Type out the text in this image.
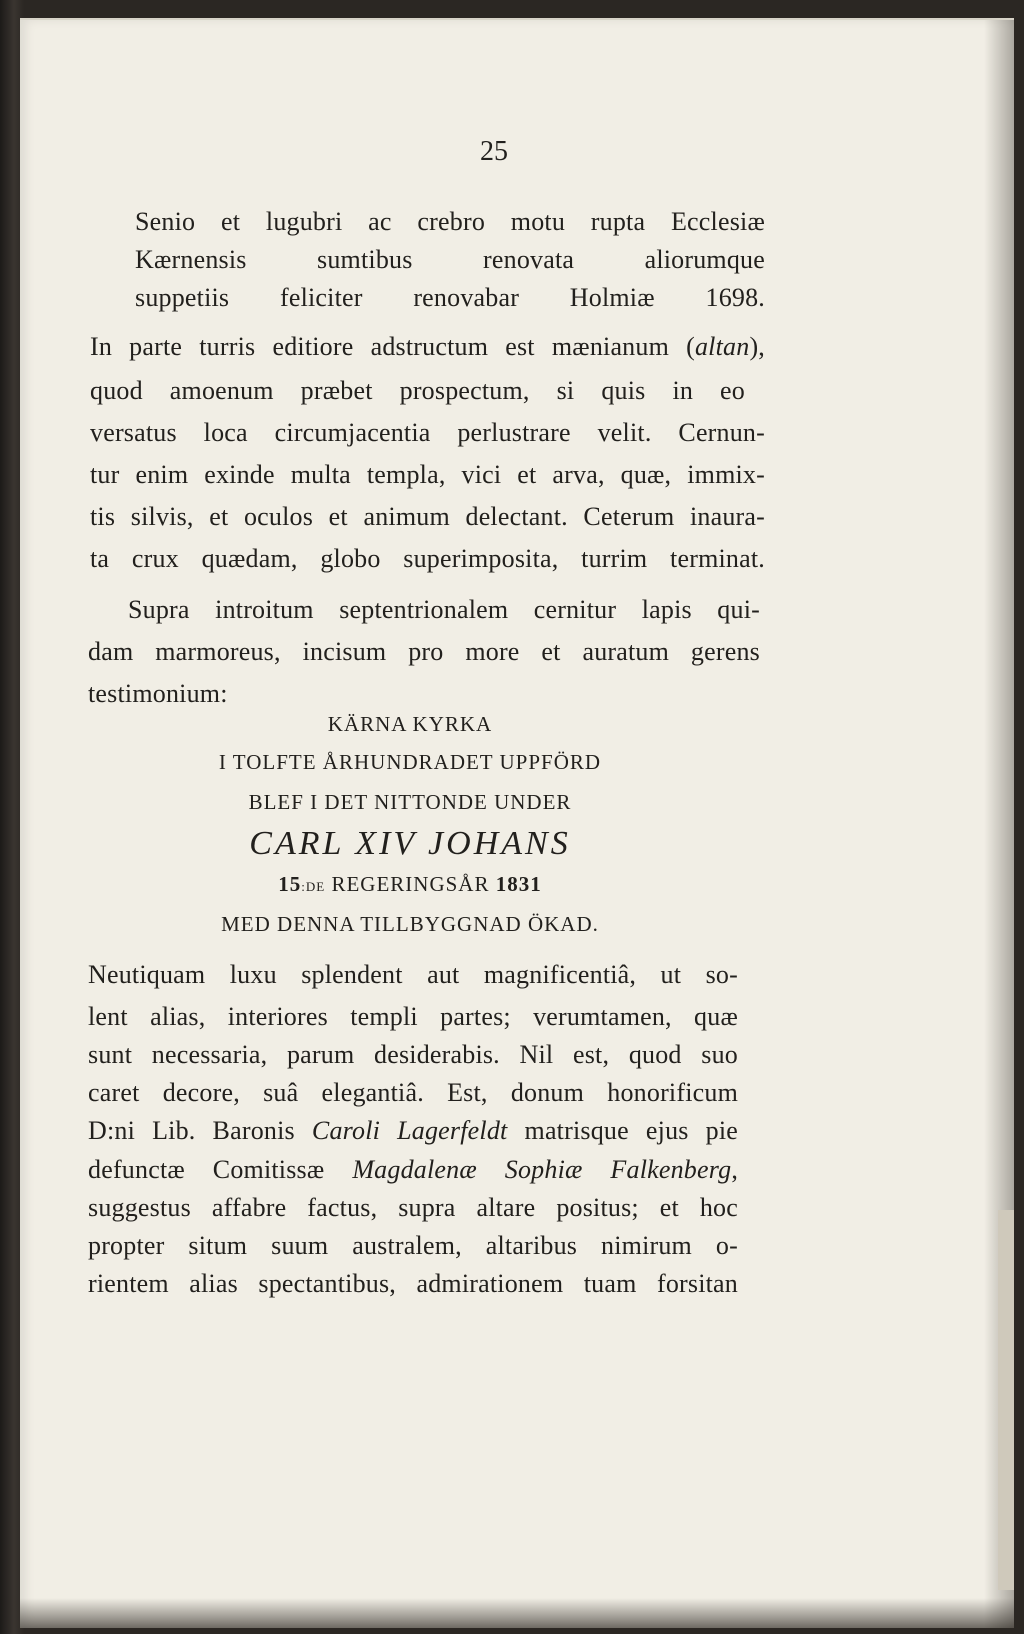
25
Senio et lugubri ac crebro motu rupta Ecclesiæ
Kærnensis sumtibus renovata aliorumque
suppetiis feliciter renovabar Holmiæ 1698.
In parte turris editiore adstructum est mænianum (altan),
quod amoenum præbet prospectum, si quis in eo
versatus loca circumjacentia perlustrare velit. Cernun-
tur enim exinde multa templa, vici et arva, quæ, immix-
tis silvis, et oculos et animum delectant. Ceterum inaura-
ta crux quædam, globo superimposita, turrim terminat.
Supra introitum septentrionalem cernitur lapis qui-
dam marmoreus, incisum pro more et auratum gerens
testimonium:
KÄRNA KYRKA
I TOLFTE ÅRHUNDRADET UPPFÖRD
BLEF I DET NITTONDE UNDER
CARL XIV JOHANS
15:DE REGERINGSÅR 1831
MED DENNA TILLBYGGNAD ÖKAD.
Neutiquam luxu splendent aut magnificentiâ, ut so-
lent alias, interiores templi partes; verumtamen, quæ
sunt necessaria, parum desiderabis. Nil est, quod suo
caret decore, suâ elegantiâ. Est, donum honorificum
D:ni Lib. Baronis Caroli Lagerfeldt matrisque ejus pie
defunctæ Comitissæ Magdalenæ Sophiæ Falkenberg,
suggestus affabre factus, supra altare positus; et hoc
propter situm suum australem, altaribus nimirum o-
rientem alias spectantibus, admirationem tuam forsitan
